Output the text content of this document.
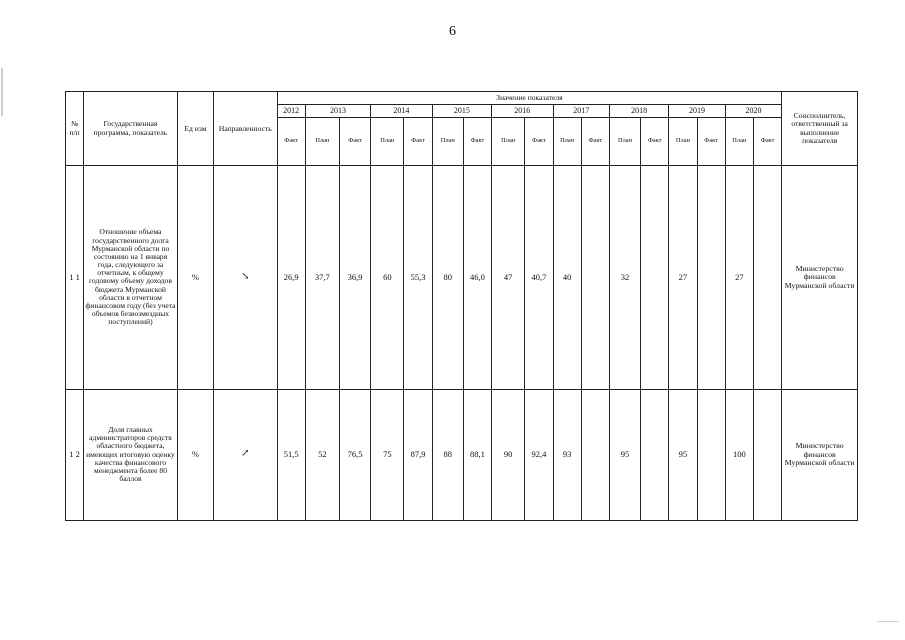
6
№ п/п	Государственная программа, показатель	Ед изм	Направленность	Значение показателя																	Соисполнитель, ответственный за выполнение показателя
				2012	2013		2014		2015		2016		2017		2018		2019		2020		
				Факт	План	Факт	План	Факт	План	Факт	План	Факт	План	Факт	План	Факт	План	Факт	План	Факт	
1 1	Отношение объема государственного долга Мурманской области по состоянию на 1 января года, следующего за отчетным, к общему годовому объему доходов бюджета Мурманской области в отчетном финансовом году (без учета объемов безвозмездных поступлений)	%	↘	26,9	37,7	36,9	60	55,3	80	46,0	47	40,7	40		32		27		27		Министерство финансов Мурманской области
1 2	Доля главных администраторов средств областного бюджета, имеющих итоговую оценку качества финансового менеджмента более 80 баллов	%	↗	51,5	52	76,5	75	87,9	88	88,1	90	92,4	93		95		95		100		Министерство финансов Мурманской области
